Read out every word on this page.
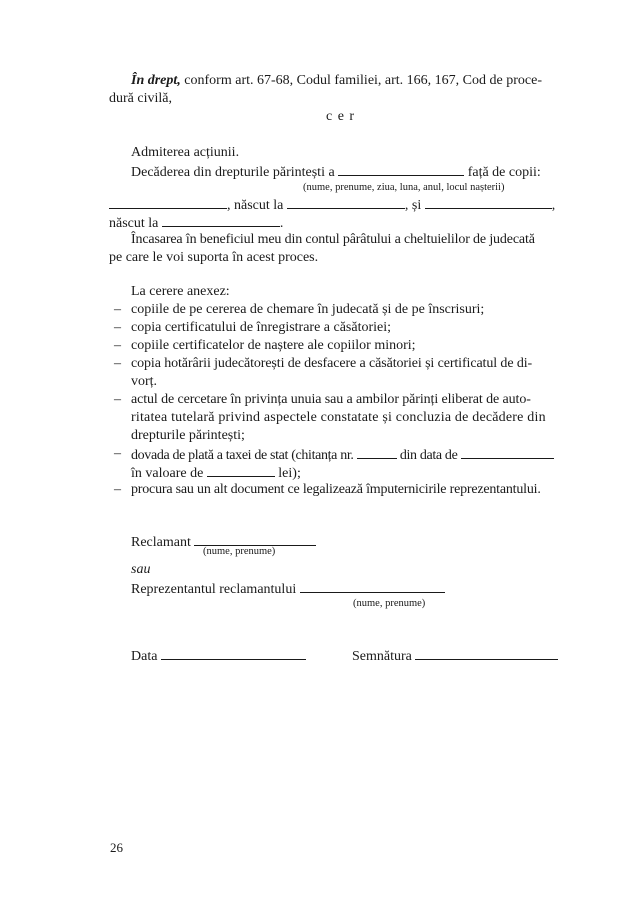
În drept, conform art. 67-68, Codul familiei, art. 166, 167, Cod de proce-
dură civilă,
c e r
Admiterea acțiunii.
Decăderea din drepturile părintești a	față de copii:
(nume, prenume, ziua, luna, anul, locul nașterii)
, născut la	, și	,
născut la	.
Încasarea în beneficiul meu din contul pârâtului a cheltuielilor de judecată
pe care le voi suporta în acest proces.
La cerere anexez:
– copiile de pe cererea de chemare în judecată și de pe înscrisuri;
– copia certificatului de înregistrare a căsătoriei;
– copiile certificatelor de naștere ale copiilor minori;
– copia hotărârii judecătorești de desfacere a căsătoriei și certificatul de di-
vorț.
– actul de cercetare în privința unuia sau a ambilor părinți eliberat de auto-
ritatea tutelară privind aspectele constatate și concluzia de decădere din
drepturile părintești;
– dovada de plată a taxei de stat (chitanța nr.	din data de
în valoare de	lei);
– procura sau un alt document ce legalizează împuternicirile reprezentantului.
Reclamant
(nume, prenume)
sau
Reprezentantul reclamantului
(nume, prenume)
Data	Semnătura
26
